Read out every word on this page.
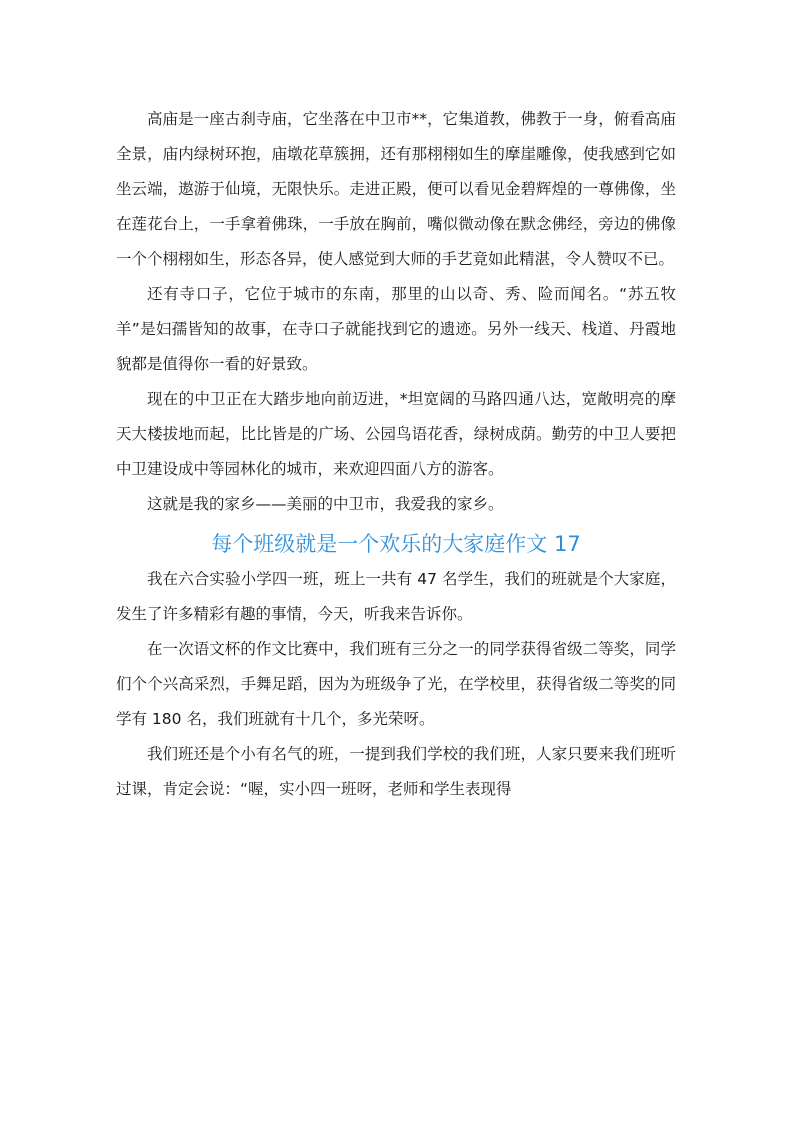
高庙是一座古刹寺庙，它坐落在中卫市**，它集道教，佛教于一身，俯看高庙全景，庙内绿树环抱，庙墩花草簇拥，还有那栩栩如生的摩崖雕像，使我感到它如坐云端，遨游于仙境，无限快乐。走进正殿，便可以看见金碧辉煌的一尊佛像，坐在莲花台上，一手拿着佛珠，一手放在胸前，嘴似微动像在默念佛经，旁边的佛像一个个栩栩如生，形态各异，使人感觉到大师的手艺竟如此精湛，令人赞叹不已。

还有寺口子，它位于城市的东南，那里的山以奇、秀、险而闻名。“苏五牧羊”是妇孺皆知的故事，在寺口子就能找到它的遗迹。另外一线天、栈道、丹霞地貌都是值得你一看的好景致。

现在的中卫正在大踏步地向前迈进，*坦宽阔的马路四通八达，宽敞明亮的摩天大楼拔地而起，比比皆是的广场、公园鸟语花香，绿树成荫。勤劳的中卫人要把中卫建设成中等园林化的城市，来欢迎四面八方的游客。

这就是我的家乡——美丽的中卫市，我爱我的家乡。

每个班级就是一个欢乐的大家庭作文 17

我在六合实验小学四一班，班上一共有 47 名学生，我们的班就是个大家庭，发生了许多精彩有趣的事情，今天，听我来告诉你。

在一次语文杯的作文比赛中，我们班有三分之一的同学获得省级二等奖，同学们个个兴高采烈，手舞足蹈，因为为班级争了光，在学校里，获得省级二等奖的同学有 180 名，我们班就有十几个，多光荣呀。

我们班还是个小有名气的班，一提到我们学校的我们班，人家只要来我们班听过课，肯定会说：“喔，实小四一班呀，老师和学生表现得
